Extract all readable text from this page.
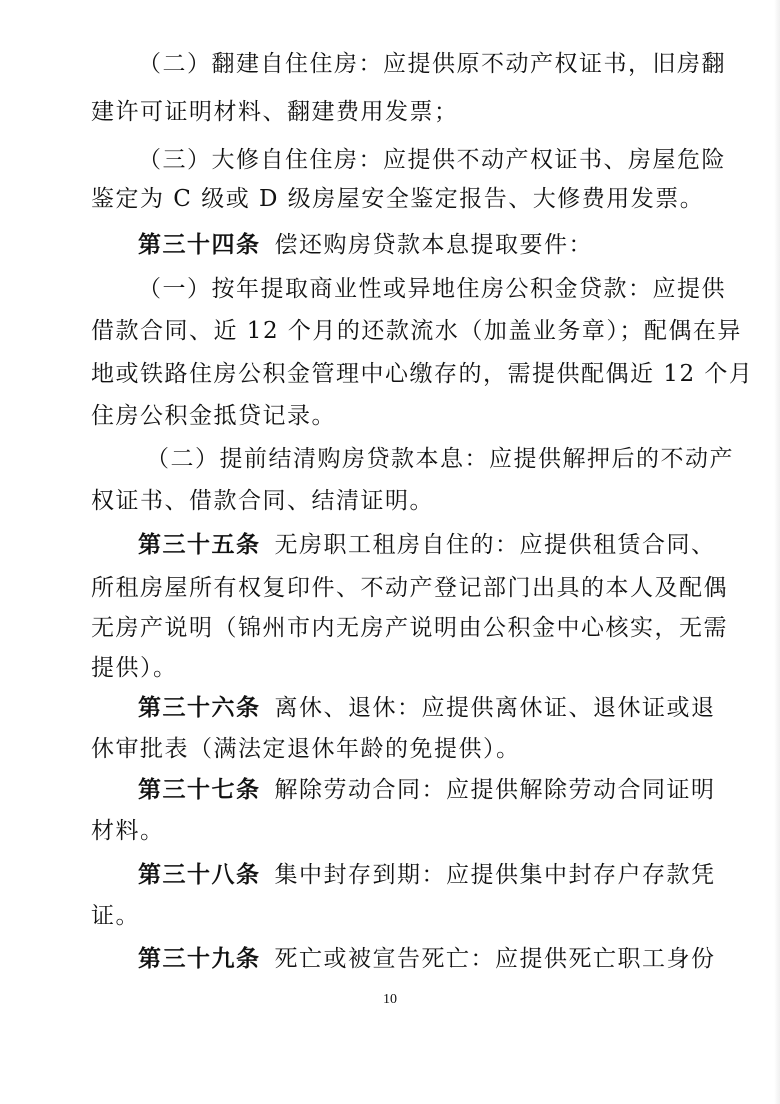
（二）翻建自住住房：应提供原不动产权证书，旧房翻
建许可证明材料、翻建费用发票；
（三）大修自住住房：应提供不动产权证书、房屋危险
鉴定为 C 级或 D 级房屋安全鉴定报告、大修费用发票。
第三十四条 偿还购房贷款本息提取要件：
（一）按年提取商业性或异地住房公积金贷款：应提供
借款合同、近 12 个月的还款流水（加盖业务章）；配偶在异
地或铁路住房公积金管理中心缴存的，需提供配偶近 12 个月
住房公积金抵贷记录。
（二）提前结清购房贷款本息：应提供解押后的不动产
权证书、借款合同、结清证明。
第三十五条 无房职工租房自住的：应提供租赁合同、
所租房屋所有权复印件、不动产登记部门出具的本人及配偶
无房产说明（锦州市内无房产说明由公积金中心核实，无需
提供）。
第三十六条 离休、退休：应提供离休证、退休证或退
休审批表（满法定退休年龄的免提供）。
第三十七条 解除劳动合同：应提供解除劳动合同证明
材料。
第三十八条 集中封存到期：应提供集中封存户存款凭
证。
第三十九条 死亡或被宣告死亡：应提供死亡职工身份
10
